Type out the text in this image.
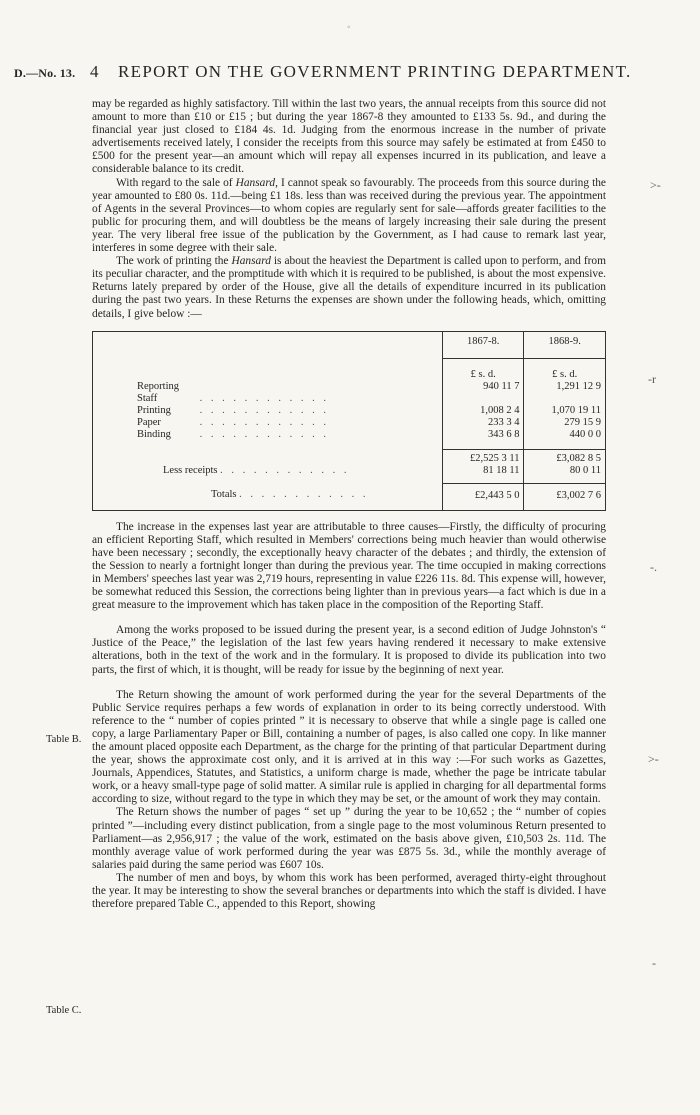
◦
D.—No. 13. 4	REPORT ON THE GOVERNMENT PRINTING DEPARTMENT.
>-
-r
-.
>-
-
Table B.
Table C.

may be regarded as highly satisfactory. Till within the last two years, the annual receipts from this source did not amount to more than £10 or £15 ; but during the year 1867-8 they amounted to £133 5s. 9d., and during the financial year just closed to £184 4s. 1d. Judging from the enormous increase in the number of private advertisements received lately, I consider the receipts from this source may safely be estimated at from £450 to £500 for the present year—an amount which will repay all expenses incurred in its publication, and leave a considerable balance to its credit.

With regard to the sale of Hansard, I cannot speak so favourably. The proceeds from this source during the year amounted to £80 0s. 11d.—being £1 18s. less than was received during the previous year. The appointment of Agents in the several Provinces—to whom copies are regularly sent for sale—affords greater facilities to the public for procuring them, and will doubtless be the means of largely increasing their sale during the present year. The very liberal free issue of the publication by the Government, as I had cause to remark last year, interferes in some degree with their sale.

The work of printing the Hansard is about the heaviest the Department is called upon to perform, and from its peculiar character, and the promptitude with which it is required to be published, is about the most expensive. Returns lately prepared by order of the House, give all the details of expenditure incurred in its publication during the past two years. In these Returns the expenses are shown under the following heads, which, omitting details, I give below :—

	1867-8.	1868-9.
	£ s. d.	£ s. d.
Reporting Staff . . . . . . . . . . . .	940 11 7	1,291 12 9
Printing . . . . . . . . . . . .	1,008 2 4	1,070 19 11
Paper . . . . . . . . . . . .	233 3 4	279 15 9
Binding . . . . . . . . . . . .	343 6 8	440 0 0
	£2,525 3 11	£3,082 8 5
Less receipts . . . . . . . . . . . .	81 18 11	80 0 11
Totals . . . . . . . . . . . .	£2,443 5 0	£3,002 7 6

The increase in the expenses last year are attributable to three causes—Firstly, the difficulty of procuring an efficient Reporting Staff, which resulted in Members' corrections being much heavier than would otherwise have been necessary ; secondly, the exceptionally heavy character of the debates ; and thirdly, the extension of the Session to nearly a fortnight longer than during the previous year. The time occupied in making corrections in Members' speeches last year was 2,719 hours, representing in value £226 11s. 8d. This expense will, however, be somewhat reduced this Session, the corrections being lighter than in previous years—a fact which is due in a great measure to the improvement which has taken place in the composition of the Reporting Staff.

Among the works proposed to be issued during the present year, is a second edition of Judge Johnston's “ Justice of the Peace,” the legislation of the last few years having rendered it necessary to make extensive alterations, both in the text of the work and in the formulary. It is proposed to divide its publication into two parts, the first of which, it is thought, will be ready for issue by the beginning of next year.

The Return showing the amount of work performed during the year for the several Departments of the Public Service requires perhaps a few words of explanation in order to its being correctly understood. With reference to the “ number of copies printed ” it is necessary to observe that while a single page is called one copy, a large Parliamentary Paper or Bill, containing a number of pages, is also called one copy. In like manner the amount placed opposite each Department, as the charge for the printing of that particular Department during the year, shows the approximate cost only, and it is arrived at in this way :—For such works as Gazettes, Journals, Appendices, Statutes, and Statistics, a uniform charge is made, whether the page be intricate tabular work, or a heavy small-type page of solid matter. A similar rule is applied in charging for all departmental forms according to size, without regard to the type in which they may be set, or the amount of work they may contain.

The Return shows the number of pages “ set up ” during the year to be 10,652 ; the “ number of copies printed ”—including every distinct publication, from a single page to the most voluminous Return presented to Parliament—as 2,956,917 ; the value of the work, estimated on the basis above given, £10,503 2s. 11d. The monthly average value of work performed during the year was £875 5s. 3d., while the monthly average of salaries paid during the same period was £607 10s.

The number of men and boys, by whom this work has been performed, averaged thirty-eight throughout the year. It may be interesting to show the several branches or departments into which the staff is divided. I have therefore prepared Table C., appended to this Report, showing
